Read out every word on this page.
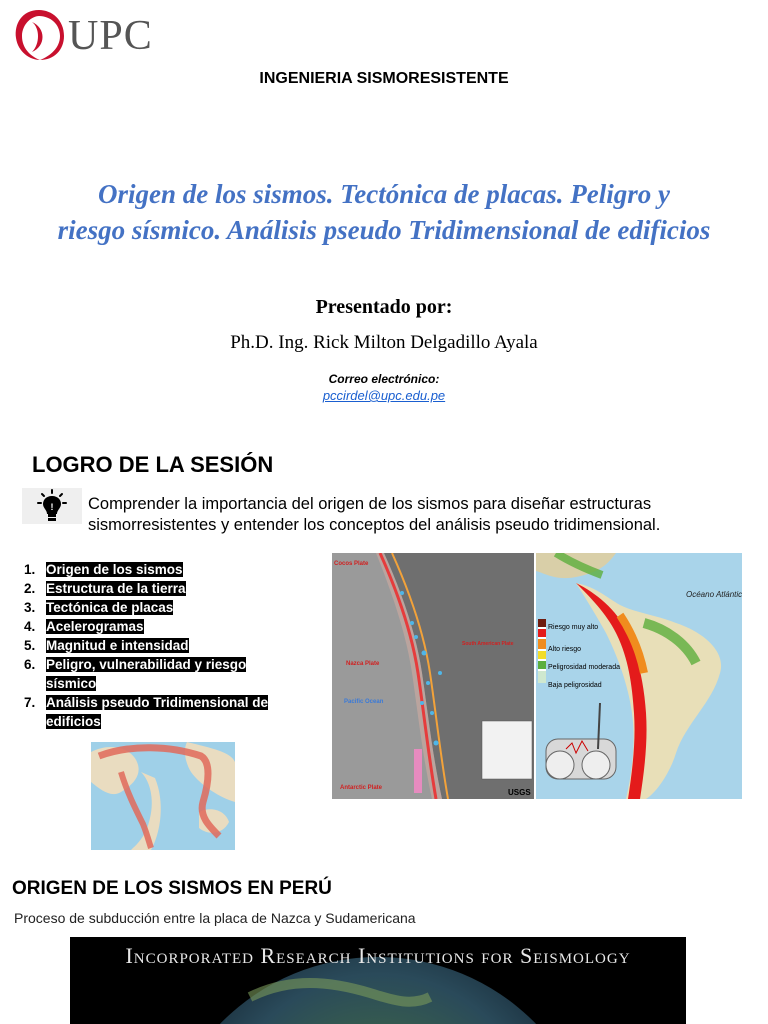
UPC
INGENIERIA SISMORESISTENTE
Origen de los sismos. Tectónica de placas. Peligro y
riesgo sísmico. Análisis pseudo Tridimensional de edificios
Presentado por:
Ph.D. Ing. Rick Milton Delgadillo Ayala
Correo electrónico:
pccirdel@upc.edu.pe
LOGRO DE LA SESIÓN
! Comprender la importancia del origen de los sismos para diseñar estructuras sismorresistentes y entender los conceptos del análisis pseudo tridimensional.
1. Origen de los sismos
2. Estructura de la tierra
3. Tectónica de placas
4. Acelerogramas
5. Magnitud e intensidad
6. Peligro, vulnerabilidad y riesgo sísmico
7. Análisis pseudo Tridimensional de edificios
Cocos Plate
South American Plate
Nazca Plate
Pacific Ocean
Antarctic Plate	USGS
Riesgo muy alto
Alto riesgo
Peligrosidad moderada
Baja peligrosidad
Océano Atlántico
ORIGEN DE LOS SISMOS EN PERÚ
Proceso de subducción entre la placa de Nazca y Sudamericana
Incorporated Research Institutions for Seismology
